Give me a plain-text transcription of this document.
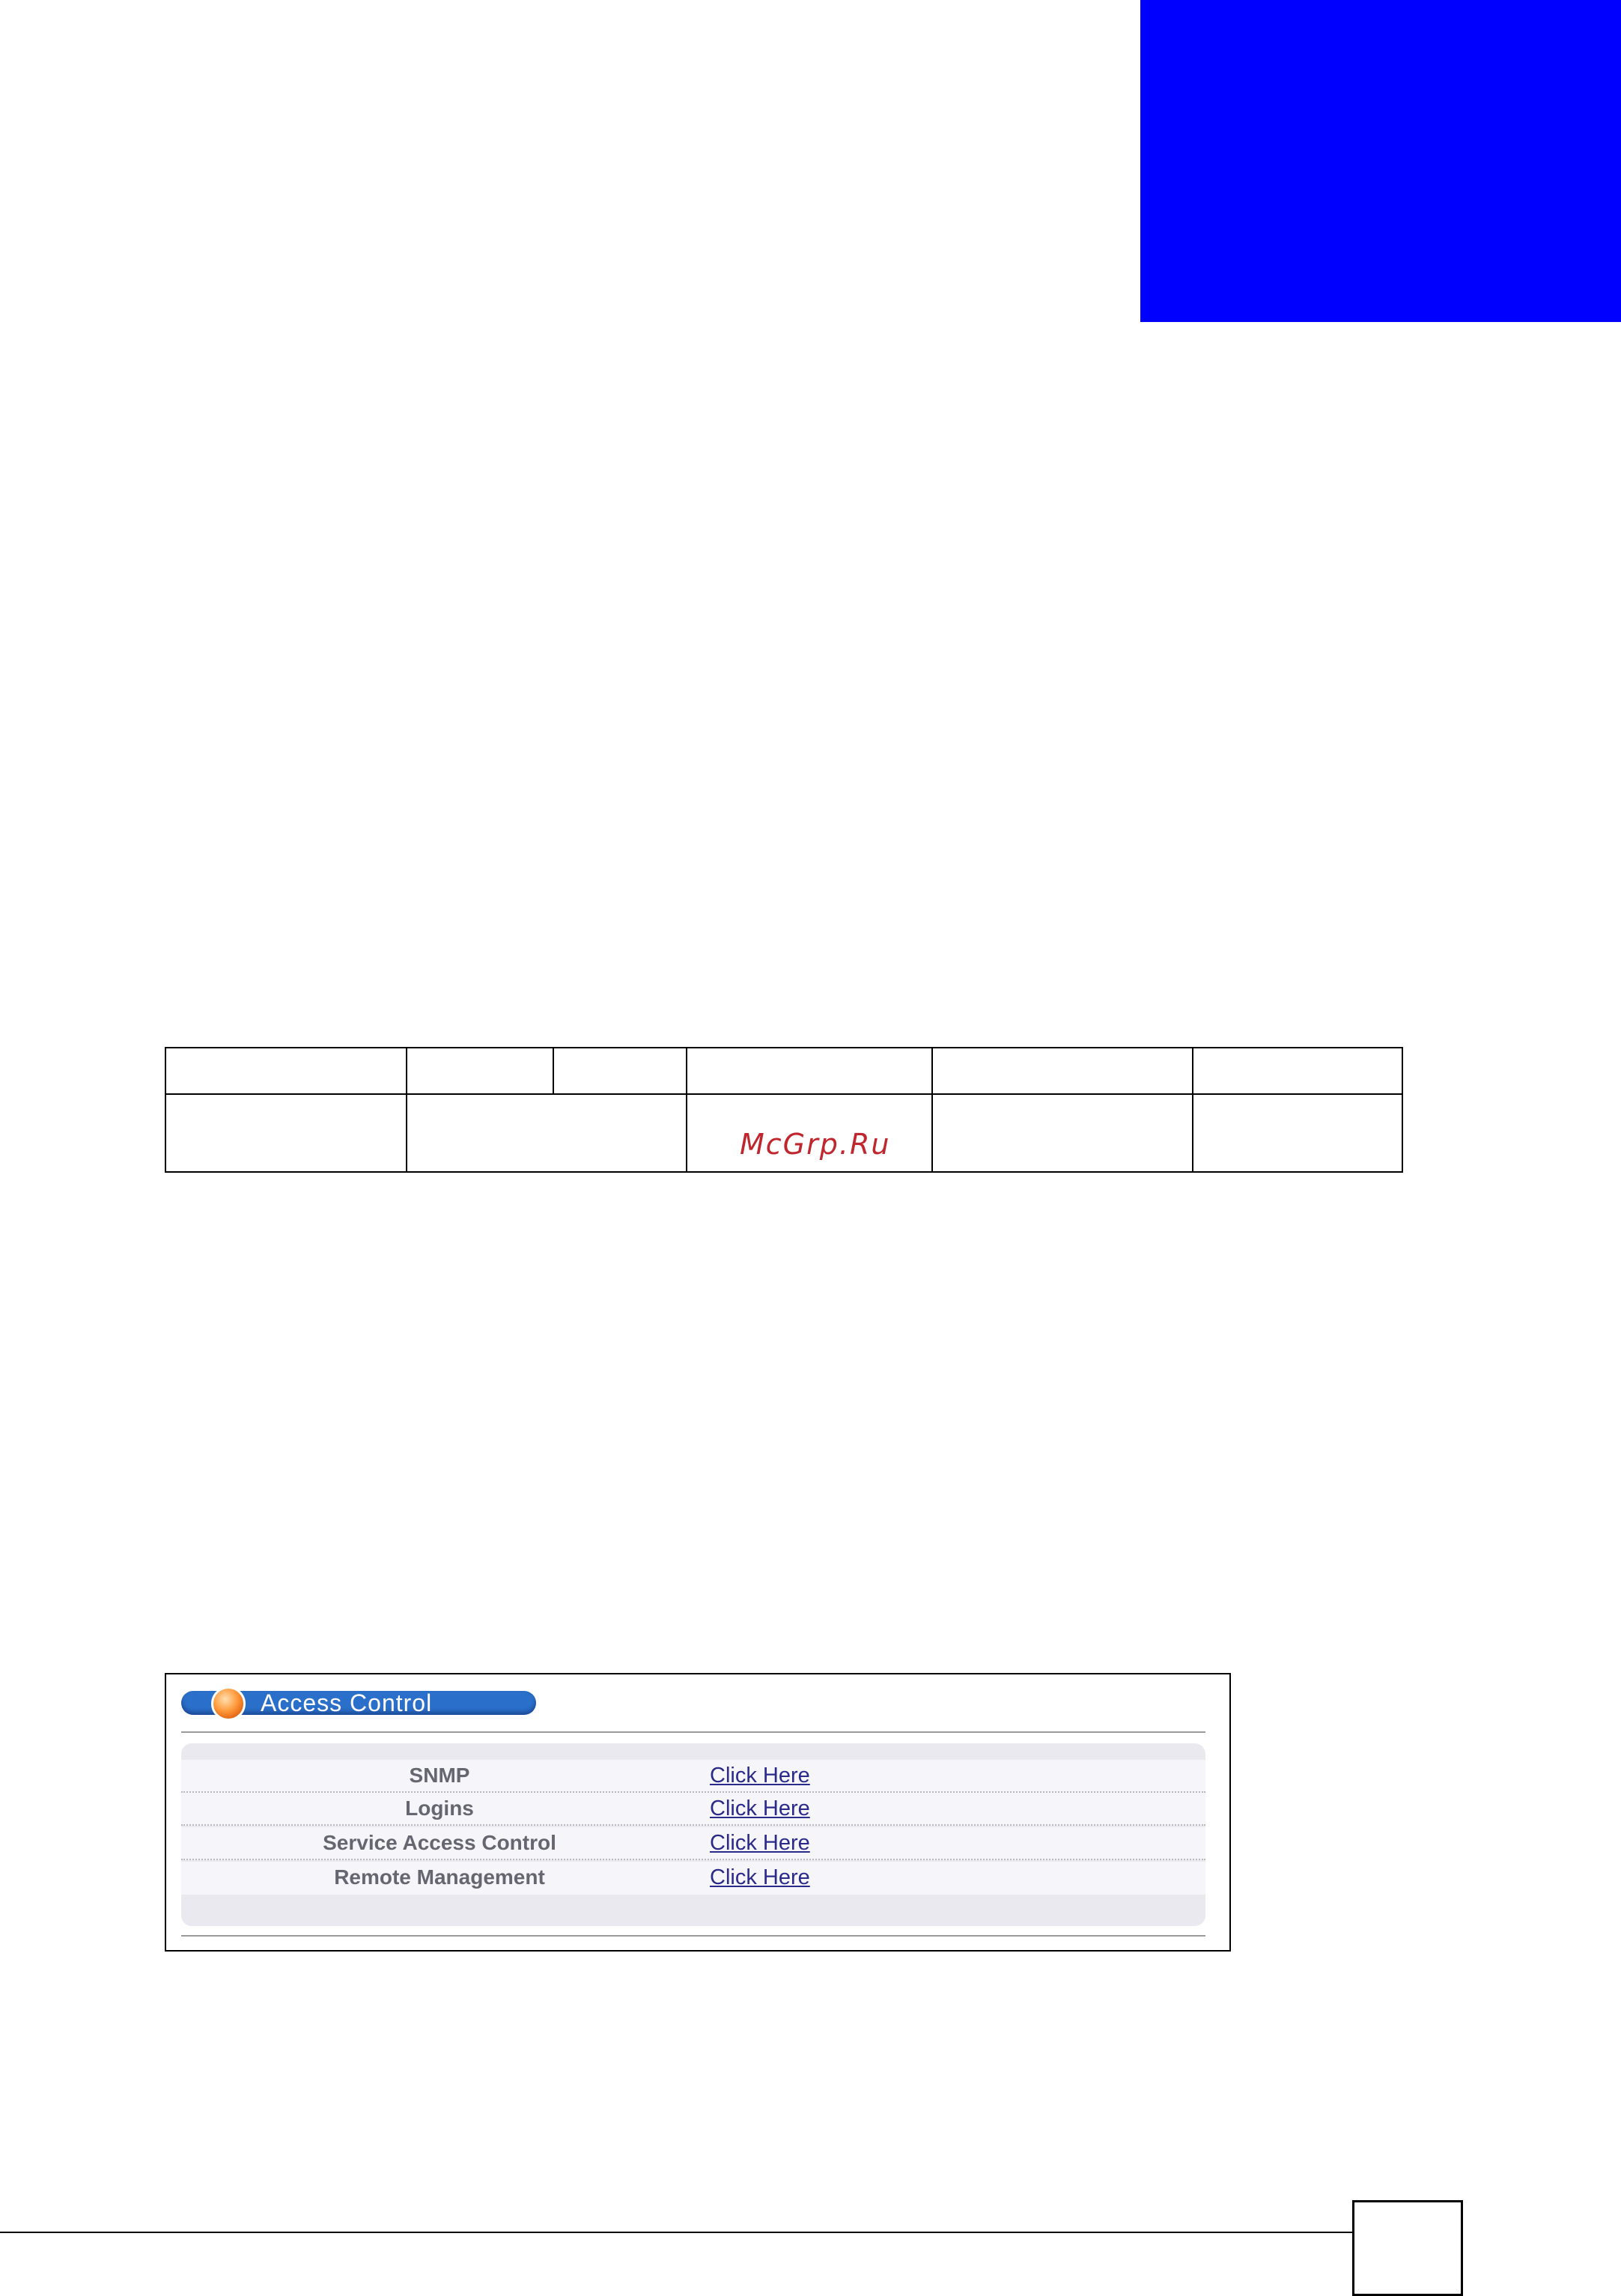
McGrp.Ru
Access Control
SNMP	Click Here
Logins	Click Here
Service Access Control	Click Here
Remote Management	Click Here
